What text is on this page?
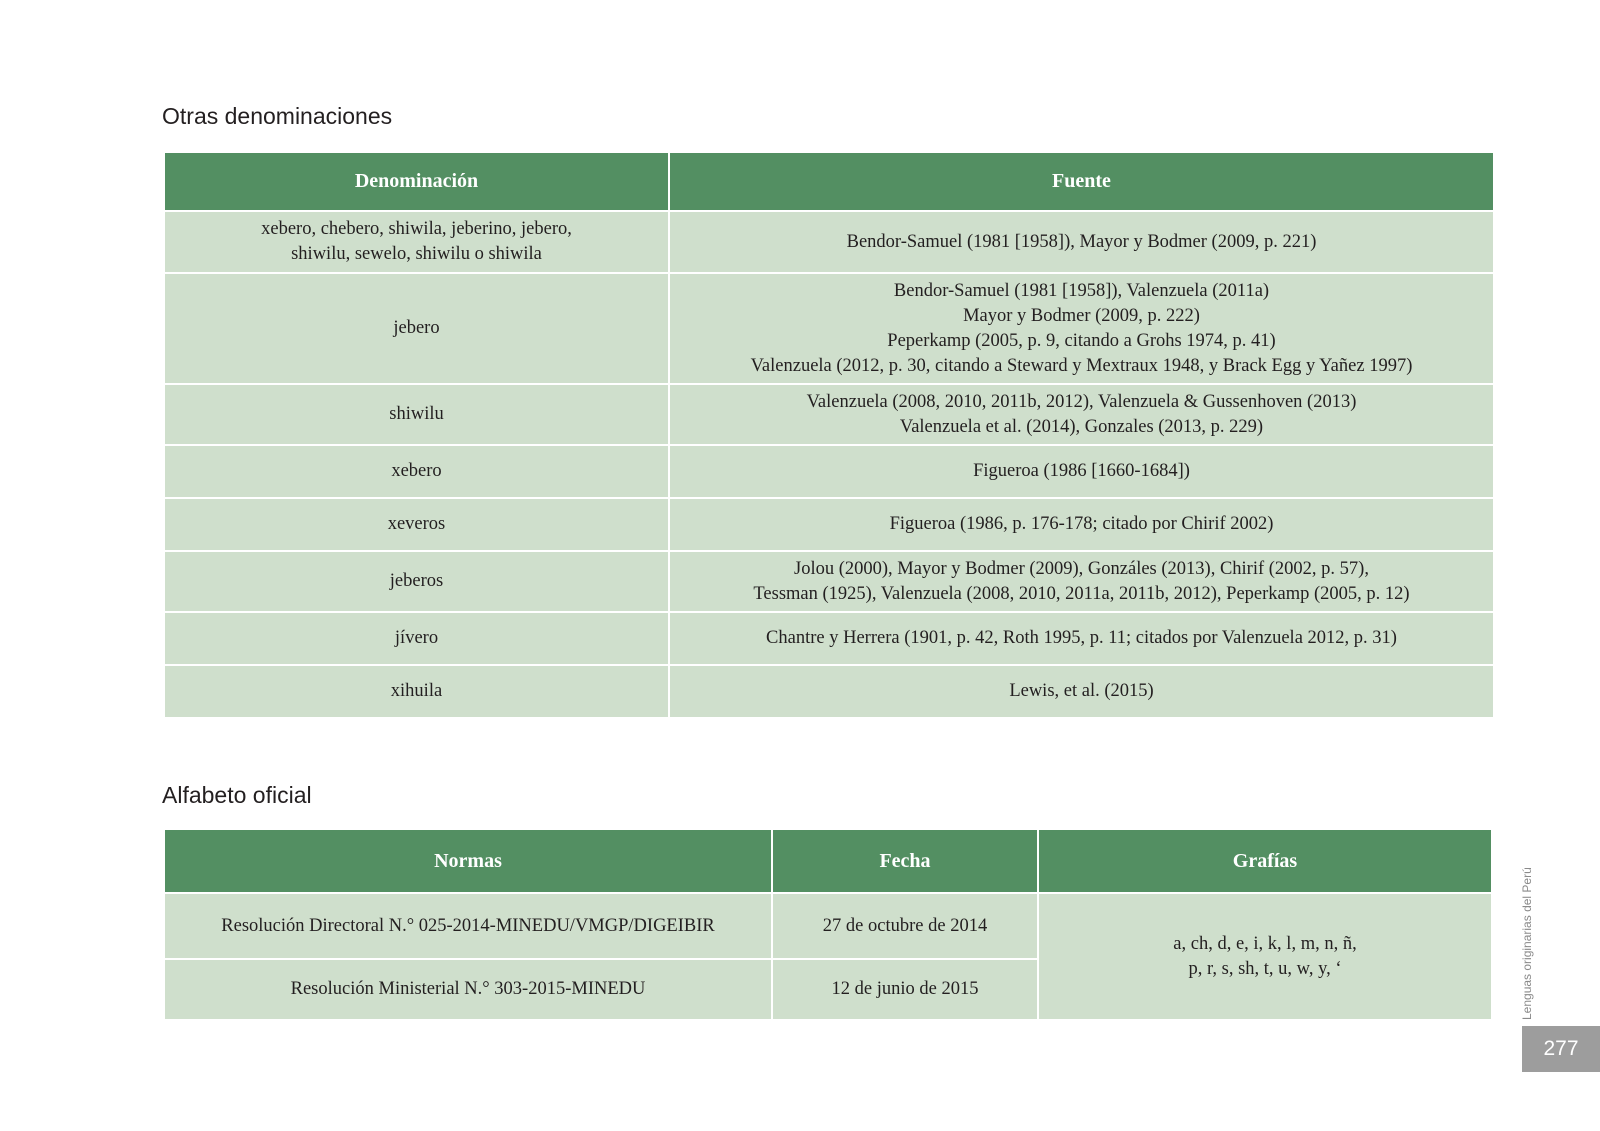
Otras denominaciones
Denominación	Fuente

xebero, chebero, shiwila, jeberino, jebero,
shiwilu, sewelo, shiwilu o shiwila	Bendor-Samuel (1981 [1958]), Mayor y Bodmer (2009, p. 221)

jebero	Bendor-Samuel (1981 [1958]), Valenzuela (2011a)
Mayor y Bodmer (2009, p. 222)
Peperkamp (2005, p. 9, citando a Grohs 1974, p. 41)
Valenzuela (2012, p. 30, citando a Steward y Mextraux 1948, y Brack Egg y Yañez 1997)

shiwilu	Valenzuela (2008, 2010, 2011b, 2012), Valenzuela & Gussenhoven (2013)
Valenzuela et al. (2014), Gonzales (2013, p. 229)

xebero	Figueroa (1986 [1660-1684])

xeveros	Figueroa (1986, p. 176-178; citado por Chirif 2002)

jeberos	Jolou (2000), Mayor y Bodmer (2009), Gonzáles (2013), Chirif (2002, p. 57),
Tessman (1925), Valenzuela (2008, 2010, 2011a, 2011b, 2012), Peperkamp (2005, p. 12)

jívero	Chantre y Herrera (1901, p. 42, Roth 1995, p. 11; citados por Valenzuela 2012, p. 31)

xihuila	Lewis, et al. (2015)
Alfabeto oficial
Normas	Fecha	Grafías
Resolución Directoral N.° 025-2014-MINEDU/VMGP/DIGEIBIR	27 de octubre de 2014	a, ch, d, e, i, k, l, m, n, ñ,
p, r, s, sh, t, u, w, y, ‘

Resolución Ministerial N.° 303-2015-MINEDU	12 de junio de 2015		Lenguas originarias del Perú
277
